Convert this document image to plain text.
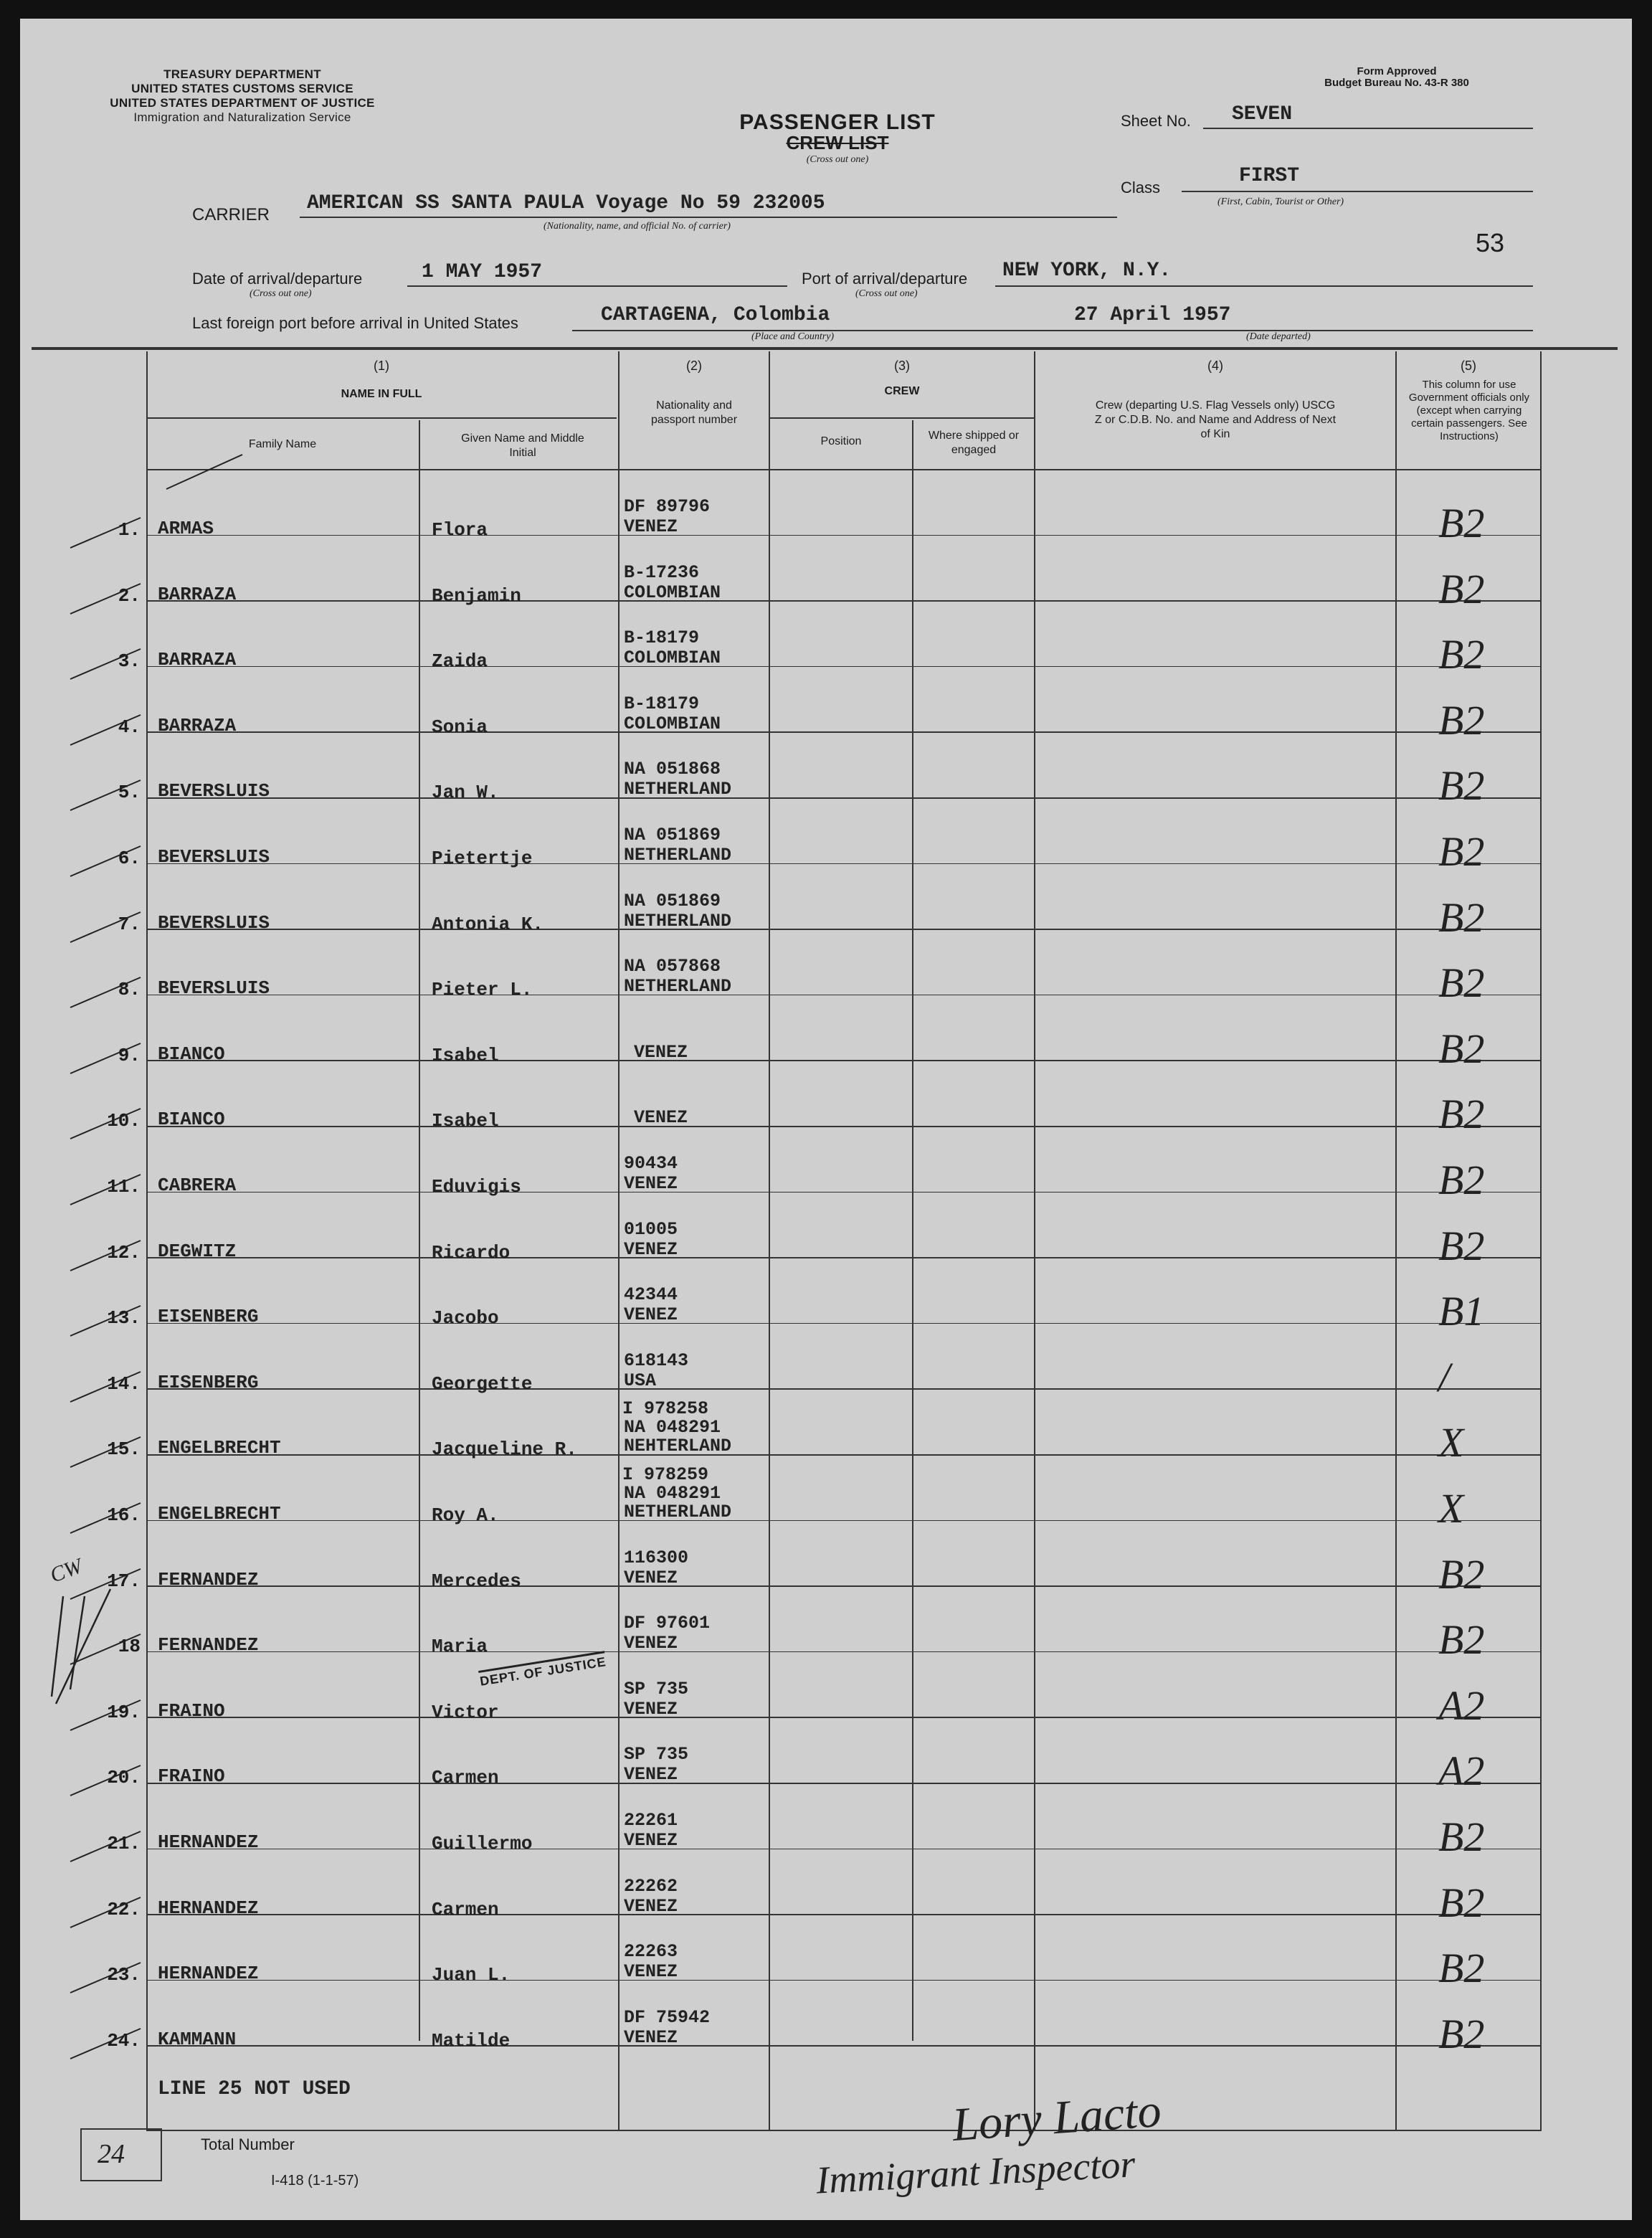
TREASURY DEPARTMENT
UNITED STATES CUSTOMS SERVICE
UNITED STATES DEPARTMENT OF JUSTICE
Immigration and Naturalization Service	PASSENGER LIST
CREW LIST
(Cross out one)
Form Approved
Budget Bureau No. 43-R 380
Sheet No. SEVEN
Class
FIRST
(First, Cabin, Tourist or Other)
53
CARRIER
AMERICAN SS SANTA PAULA Voyage No 59 232005
(Nationality, name, and official No. of carrier)
Date of arrival/departure	1 MAY 1957
(Cross out one)
Port of arrival/departure NEW YORK, N.Y.
(Cross out one)
Last foreign port before arrival in United States	CARTAGENA, Colombia
(Place and Country)
27 April 1957
(Date departed)
(1)
NAME IN FULL
Family Name	Given Name and Middle Initial
(2)
Nationality and passport number
(3)
CREW
Position	Where shipped or engaged
(4)
Crew (departing U.S. Flag Vessels only) USCG Z or C.D.B. No. and Name and Address of Next of Kin
(5)
This column for use Government officials only (except when carrying certain passengers. See Instructions)
1. ARMAS	Flora
DF 89796
VENEZ	B2
2. BARRAZA	Benjamin
B-17236
COLOMBIAN	B2
3. BARRAZA	Zaida
B-18179
COLOMBIAN	B2
4. BARRAZA	Sonia
B-18179
COLOMBIAN	B2
5. BEVERSLUIS	Jan W.
NA 051868
NETHERLAND	B2
6. BEVERSLUIS	Pietertje
NA 051869
NETHERLAND	B2
7. BEVERSLUIS	Antonia K.
NA 051869
NETHERLAND	B2
8. BEVERSLUIS	Pieter L.
NA 057868
NETHERLAND	B2
9. BIANCO	Isabel	VENEZ	B2
10. BIANCO	Isabel	VENEZ	B2
11. CABRERA	Eduvigis
90434
VENEZ	B2
12. DEGWITZ	Ricardo
01005
VENEZ	B2
13. EISENBERG	Jacobo
42344
VENEZ	B1
14. EISENBERG	Georgette
618143
USA	/
15. ENGELBRECHT	Jacqueline R.
I 978258
NA 048291
NEHTERLAND	X
16. ENGELBRECHT	Roy A.
I 978259
NA 048291
NETHERLAND	X
17. FERNANDEZ	Mercedes
116300
VENEZ	B2
18 FERNANDEZ	Maria
DF 97601
VENEZ	B2
19. FRAINO	Victor
SP 735
VENEZ	A2
20. FRAINO	Carmen
SP 735
VENEZ	A2
21. HERNANDEZ	Guillermo
22261
VENEZ	B2
22. HERNANDEZ	Carmen
22262
VENEZ	B2
23. HERNANDEZ	Juan L.
22263
VENEZ	B2
24. KAMMANN	Matilde
DF 75942
VENEZ	B2
LINE 25 NOT USED
DEPT. OF JUSTICE
CW
24	Total Number
I-418 (1-1-57)
Lory Lacto
Immigrant Inspector
